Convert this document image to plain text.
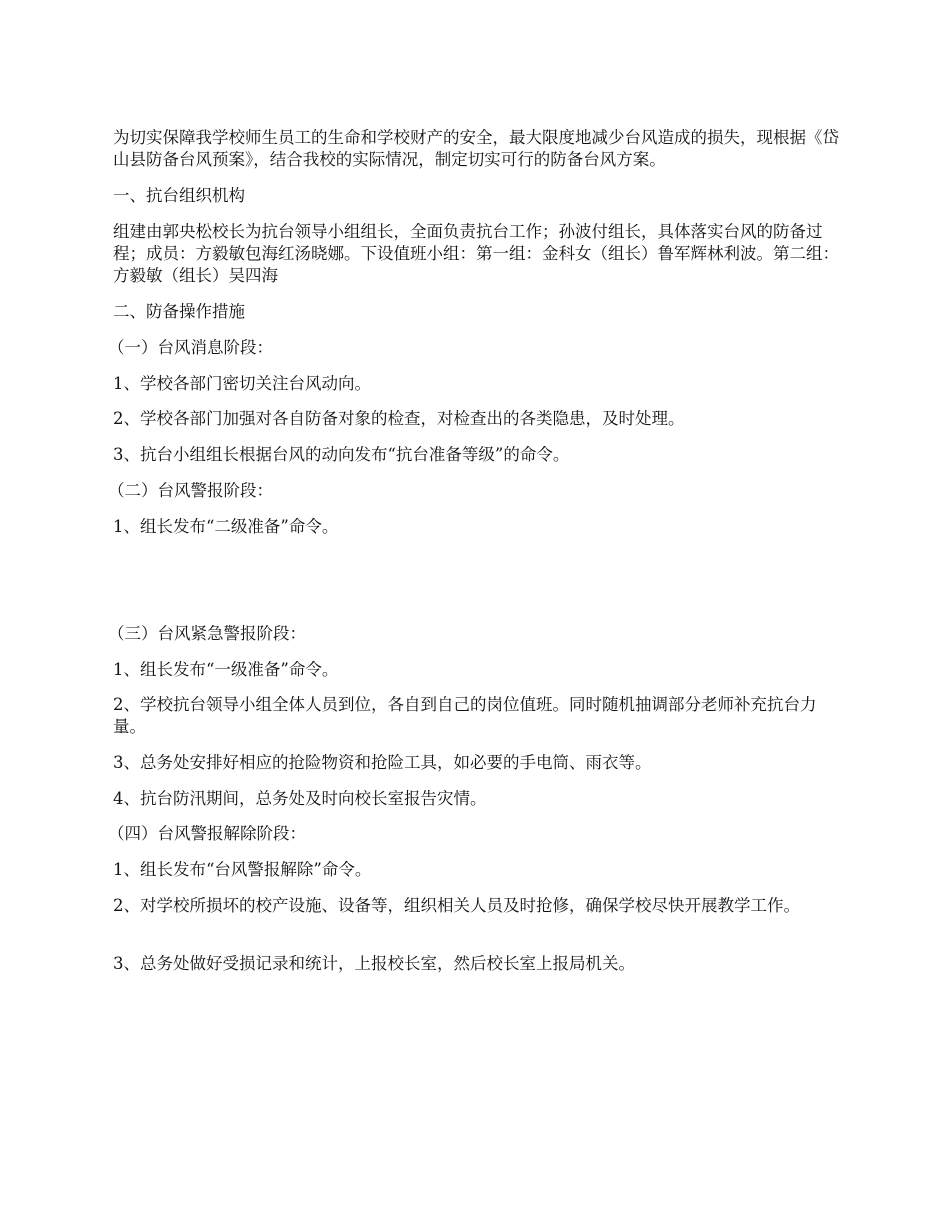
为切实保障我学校师生员工的生命和学校财产的安全，最大限度地减少台风造成的损失，现根据《岱山县防备台风预案》，结合我校的实际情况，制定切实可行的防备台风方案。

一、抗台组织机构

组建由郭央松校长为抗台领导小组组长，全面负责抗台工作；孙波付组长，具体落实台风的防备过程；成员：方毅敏包海红汤晓娜。下设值班小组：第一组：金科女（组长）鲁军辉林利波。第二组：方毅敏（组长）吴四海

二、防备操作措施

（一）台风消息阶段：

1、学校各部门密切关注台风动向。

2、学校各部门加强对各自防备对象的检查，对检查出的各类隐患，及时处理。

3、抗台小组组长根据台风的动向发布“抗台准备等级”的命令。

（二）台风警报阶段：

1、组长发布“二级准备”命令。

（三）台风紧急警报阶段：

1、组长发布“一级准备”命令。

2、学校抗台领导小组全体人员到位，各自到自己的岗位值班。同时随机抽调部分老师补充抗台力量。

3、总务处安排好相应的抢险物资和抢险工具，如必要的手电筒、雨衣等。

4、抗台防汛期间，总务处及时向校长室报告灾情。

（四）台风警报解除阶段：

1、组长发布“台风警报解除”命令。

2、对学校所损坏的校产设施、设备等，组织相关人员及时抢修，确保学校尽快开展教学工作。

3、总务处做好受损记录和统计，上报校长室，然后校长室上报局机关。
